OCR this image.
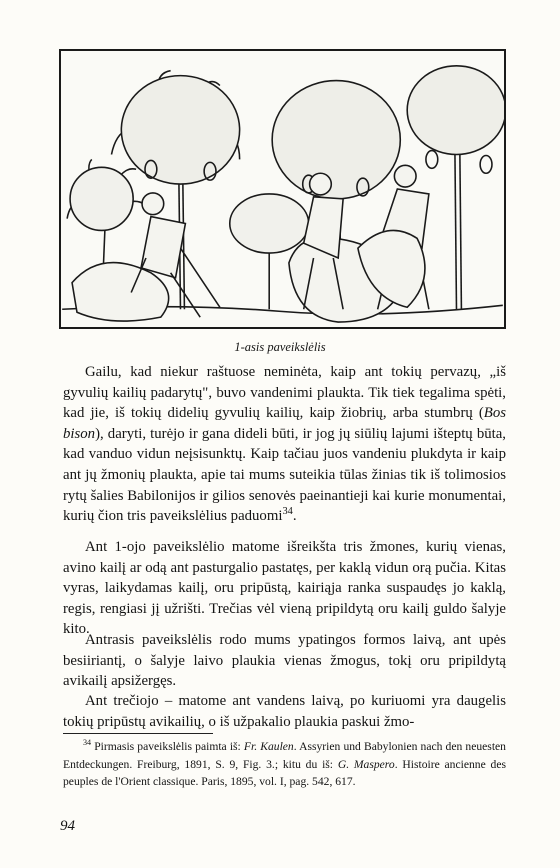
1-asis paveikslėlis

Gailu, kad niekur raštuose neminėta, kaip ant tokių pervazų, „iš gyvulių kailių padarytų", buvo vandenimi plaukta. Tik tiek tegalima spėti, kad jie, iš tokių didelių gyvulių kailių, kaip žiobrių, arba stumbrų (Bos bison), daryti, turėjo ir gana dideli būti, ir jog jų siūlių lajumi išteptų būta, kad vanduo vidun neįsisunktų. Kaip tačiau juos vandeniu plukdyta ir kaip ant jų žmonių plaukta, apie tai mums suteikia tūlas žinias tik iš tolimosios rytų šalies Babilonijos ir gilios senovės paeinantieji kai kurie monumentai, kurių čion tris paveikslėlius paduomi$^{34}$.

Ant 1-ojo paveikslėlio matome išreikšta tris žmones, kurių vienas, avino kailį ar odą ant pasturgalio pastatęs, per kaklą vidun orą pučia. Kitas vyras, laikydamas kailį, oru pripūstą, kairiąja ranka suspaudęs jo kaklą, regis, rengiasi jį užrišti. Trečias vėl vieną pripildytą oru kailį guldo šalyje kito.

Antrasis paveikslėlis rodo mums ypatingos formos laivą, ant upės besiiriantį, o šalyje laivo plaukia vienas žmogus, tokį oru pripildytą avikailį apsižergęs.

Ant trečiojo – matome ant vandens laivą, po kuriuomi yra daugelis tokių pripūstų avikailių, o iš užpakalio plaukia paskui žmo-

$^{34}$ Pirmasis paveikslėlis paimta iš: Fr. Kaulen. Assyrien und Babylonien nach den neuesten Entdeckungen. Freiburg, 1891, S. 9, Fig. 3.; kitu du iš: G. Maspero. Histoire ancienne des peuples de l'Orient classique. Paris, 1895, vol. I, pag. 542, 617.
94
